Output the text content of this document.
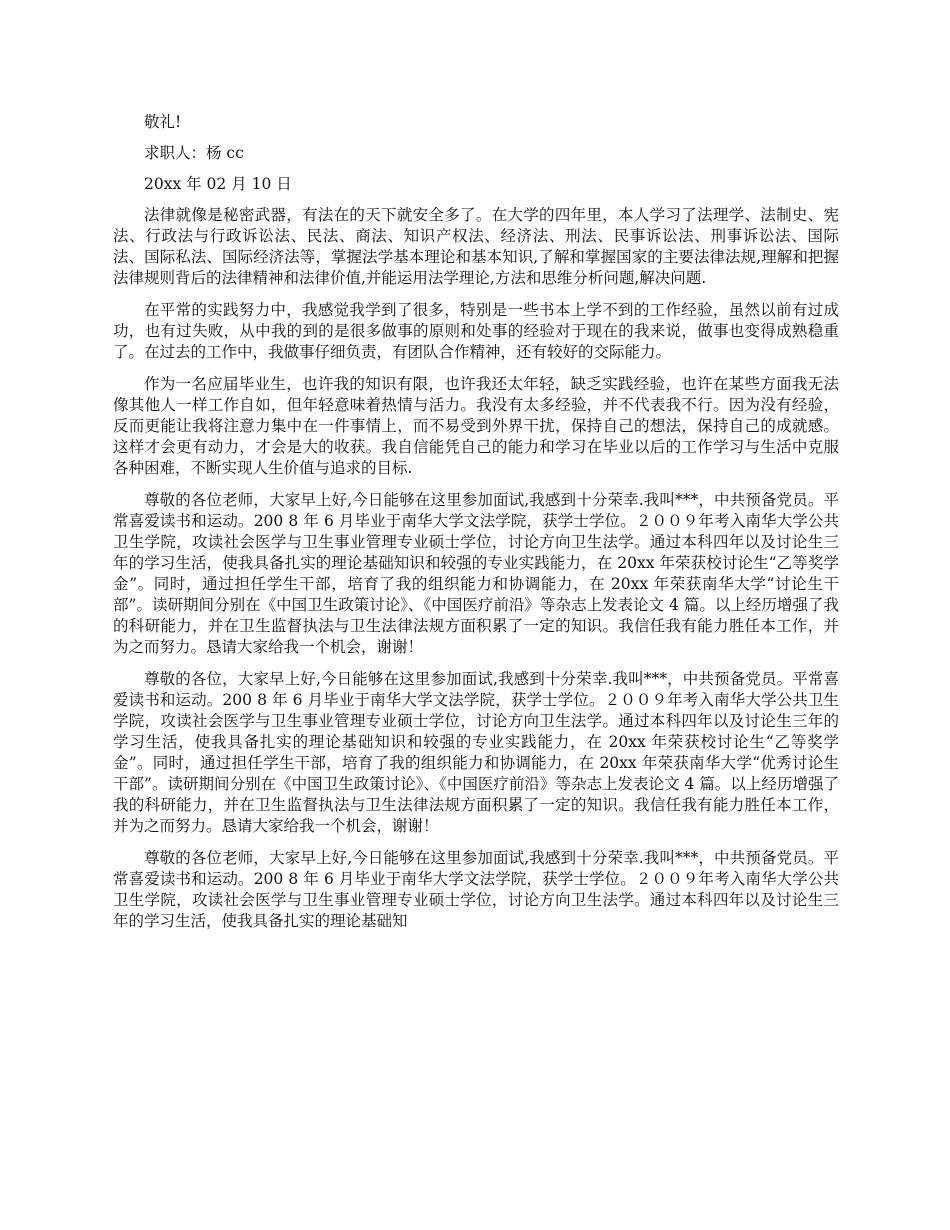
敬礼!

求职人：杨 cc

20xx 年 02 月 10 日

法律就像是秘密武器，有法在的天下就安全多了。在大学的四年里，本人学习了法理学、法制史、宪法、行政法与行政诉讼法、民法、商法、知识产权法、经济法、刑法、民事诉讼法、刑事诉讼法、国际法、国际私法、国际经济法等，掌握法学基本理论和基本知识,了解和掌握国家的主要法律法规,理解和把握法律规则背后的法律精神和法律价值,并能运用法学理论,方法和思维分析问题,解决问题.

在平常的实践努力中，我感觉我学到了很多，特别是一些书本上学不到的工作经验，虽然以前有过成功，也有过失败，从中我的到的是很多做事的原则和处事的经验对于现在的我来说，做事也变得成熟稳重了。在过去的工作中，我做事仔细负责，有团队合作精神，还有较好的交际能力。

作为一名应届毕业生，也许我的知识有限，也许我还太年轻，缺乏实践经验，也许在某些方面我无法像其他人一样工作自如，但年轻意味着热情与活力。我没有太多经验，并不代表我不行。因为没有经验，反而更能让我将注意力集中在一件事情上，而不易受到外界干扰，保持自己的想法，保持自己的成就感。这样才会更有动力，才会是大的收获。我自信能凭自己的能力和学习在毕业以后的工作学习与生活中克服各种困难，不断实现人生价值与追求的目标.

尊敬的各位老师，大家早上好,今日能够在这里参加面试,我感到十分荣幸.我叫***，中共预备党员。平常喜爱读书和运动。200 8 年 6 月毕业于南华大学文法学院，获学士学位。２００９年考入南华大学公共卫生学院，攻读社会医学与卫生事业管理专业硕士学位，讨论方向卫生法学。通过本科四年以及讨论生三年的学习生活，使我具备扎实的理论基础知识和较强的专业实践能力，在 20xx 年荣获校讨论生“乙等奖学金”。同时，通过担任学生干部，培育了我的组织能力和协调能力，在 20xx 年荣获南华大学“讨论生干部”。读研期间分别在《中国卫生政策讨论》、《中国医疗前沿》等杂志上发表论文 4 篇。以上经历增强了我的科研能力，并在卫生监督执法与卫生法律法规方面积累了一定的知识。我信任我有能力胜任本工作，并为之而努力。恳请大家给我一个机会，谢谢！

尊敬的各位，大家早上好,今日能够在这里参加面试,我感到十分荣幸.我叫***，中共预备党员。平常喜爱读书和运动。200 8 年 6 月毕业于南华大学文法学院，获学士学位。２００９年考入南华大学公共卫生学院，攻读社会医学与卫生事业管理专业硕士学位，讨论方向卫生法学。通过本科四年以及讨论生三年的学习生活，使我具备扎实的理论基础知识和较强的专业实践能力，在 20xx 年荣获校讨论生“乙等奖学金”。同时，通过担任学生干部，培育了我的组织能力和协调能力，在 20xx 年荣获南华大学“优秀讨论生干部”。读研期间分别在《中国卫生政策讨论》、《中国医疗前沿》等杂志上发表论文 4 篇。以上经历增强了我的科研能力，并在卫生监督执法与卫生法律法规方面积累了一定的知识。我信任我有能力胜任本工作，并为之而努力。恳请大家给我一个机会，谢谢！

尊敬的各位老师，大家早上好,今日能够在这里参加面试,我感到十分荣幸.我叫***，中共预备党员。平常喜爱读书和运动。200 8 年 6 月毕业于南华大学文法学院，获学士学位。２００９年考入南华大学公共卫生学院，攻读社会医学与卫生事业管理专业硕士学位，讨论方向卫生法学。通过本科四年以及讨论生三年的学习生活，使我具备扎实的理论基础知
